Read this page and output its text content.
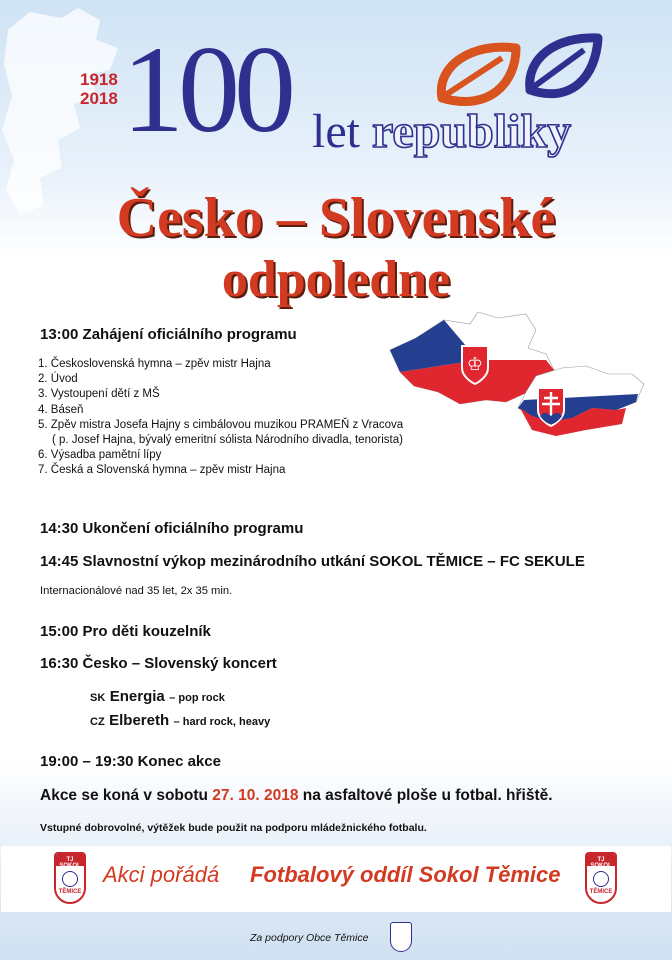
1918
2018 100 let republiky
Česko – Slovenské
odpoledne
♔
13:00 Zahájení oficiálního programu
1. Československá hymna – zpěv mistr Hajna
2. Úvod
3. Vystoupení dětí z MŠ
4. Báseň
5. Zpěv mistra Josefa Hajny s cimbálovou muzikou PRAMEŇ z Vracova
( p. Josef Hajna, bývalý emeritní sólista Národního divadla, tenorista)
6. Výsadba pamětní lípy
7. Česká a Slovenská hymna – zpěv mistr Hajna
14:30 Ukončení oficiálního programu
14:45 Slavnostní výkop mezinárodního utkání SOKOL TĚMICE – FC SEKULE
Internacionálové nad 35 let, 2x 35 min.
15:00 Pro děti kouzelník
16:30 Česko – Slovenský koncert
SK Energia – pop rock
CZ Elbereth – hard rock, heavy
19:00 – 19:30 Konec akce
Akce se koná v sobotu 27. 10. 2018 na asfaltové ploše u fotbal. hřiště.
Vstupné dobrovolné, výtěžek bude použit na podporu mládežnického fotbalu.
TJ SOKOL
TĚMICE
Akci pořádá Fotbalový oddíl Sokol Těmice
TJ SOKOL
TĚMICE
Za podpory Obce Těmice
